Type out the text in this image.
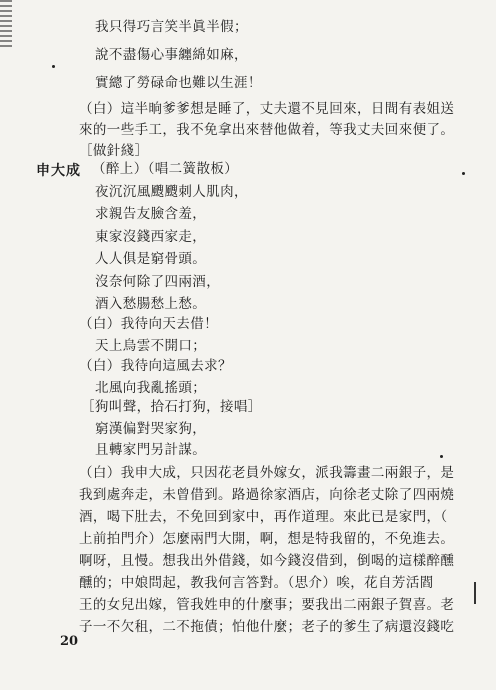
我只得巧言笑半眞半假；
說不盡傷心事纏綿如麻，
實總了勞碌命也難以生涯！
（白）這半晌爹爹想是睡了，丈夫還不見回來，日間有表姐送
來的一些手工，我不免拿出來替他做着，等我丈夫回來便了。
［做針綫］
申大成 （醉上）（唱二簧散板）
夜沉沉風颼颼刺人肌肉，
求親告友臉含羞，
東家沒錢西家走，
人人俱是窮骨頭。
沒奈何除了四兩酒，
酒入愁腸愁上愁。
（白）我待向天去借！
天上烏雲不開口；
（白）我待向這風去求？
北風向我亂搖頭；
［狗叫聲，拾石打狗，接唱］
窮漢偏對哭家狗，
且轉家門另計謀。
（白）我申大成，只因花老員外嫁女，派我籌畫二兩銀子，是
我到處奔走，未曾借到。路過徐家酒店，向徐老丈除了四兩燒
酒，喝下肚去，不免回到家中，再作道理。來此已是家門，（
上前拍門介）怎麼兩門大開，啊，想是特我留的，不免進去。
啊呀，且慢。想我出外借錢，如今錢沒借到，倒喝的這樣醉醺
醺的；中娘問起，教我何言答對。（思介）唉，花自芳活閻
王的女兒出嫁，管我姓申的什麼事；要我出二兩銀子賀喜。老
子一不欠租，二不拖債；怕他什麼；老子的爹生了病還沒錢吃
20
